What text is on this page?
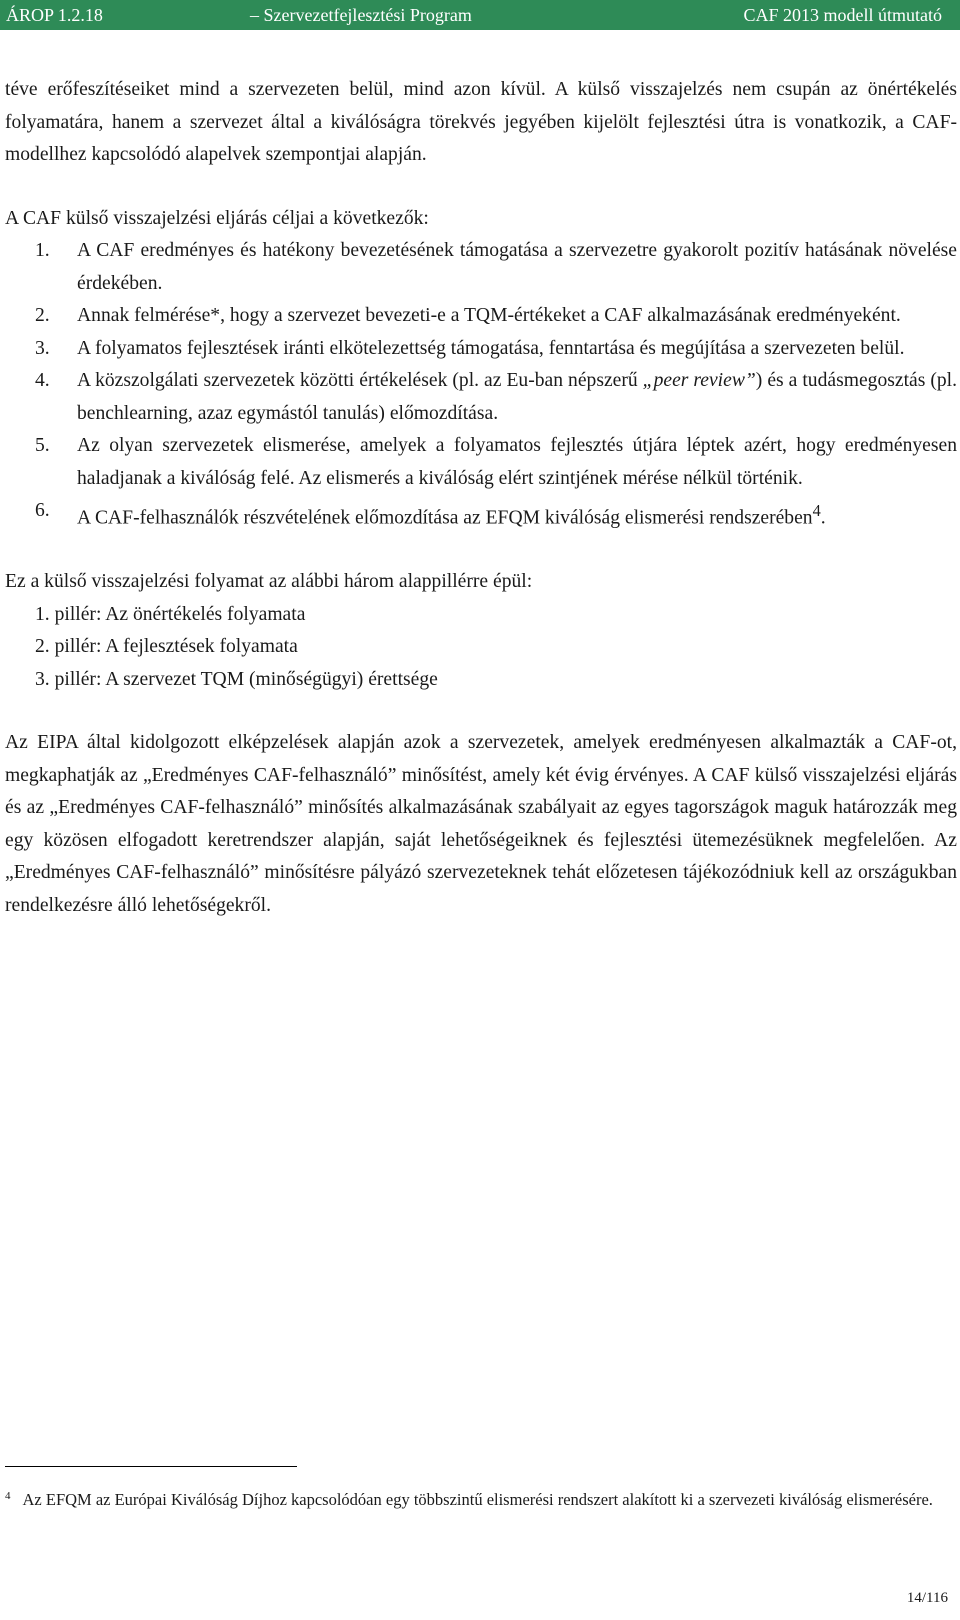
ÁROP 1.2.18	– Szervezetfejlesztési Program	CAF 2013 modell útmutató

téve erőfeszítéseiket mind a szervezeten belül, mind azon kívül. A külső visszajelzés nem csupán az önértékelés folyamatára, hanem a szervezet által a kiválóságra törekvés jegyében kijelölt fejlesztési útra is vonatkozik, a CAF-modellhez kapcsolódó alapelvek szempontjai alapján.

A CAF külső visszajelzési eljárás céljai a következők:

1. A CAF eredményes és hatékony bevezetésének támogatása a szervezetre gyakorolt pozitív hatásának növelése érdekében.
2. Annak felmérése*, hogy a szervezet bevezeti-e a TQM-értékeket a CAF alkalmazásának eredményeként.
3. A folyamatos fejlesztések iránti elkötelezettség támogatása, fenntartása és megújítása a szervezeten belül.
4. A közszolgálati szervezetek közötti értékelések (pl. az Eu-ban népszerű „peer review”) és a tudásmegosztás (pl. benchlearning, azaz egymástól tanulás) előmozdítása.
5. Az olyan szervezetek elismerése, amelyek a folyamatos fejlesztés útjára léptek azért, hogy eredményesen haladjanak a kiválóság felé. Az elismerés a kiválóság elért szintjének mérése nélkül történik.
6. A CAF-felhasználók részvételének előmozdítása az EFQM kiválóság elismerési rendszerében$^4$.

Ez a külső visszajelzési folyamat az alábbi három alappillérre épül:

1. pillér: Az önértékelés folyamata
2. pillér: A fejlesztések folyamata
3. pillér: A szervezet TQM (minőségügyi) érettsége

Az EIPA által kidolgozott elképzelések alapján azok a szervezetek, amelyek eredményesen alkalmazták a CAF-ot, megkaphatják az „Eredményes CAF-felhasználó” minősítést, amely két évig érvényes. A CAF külső visszajelzési eljárás és az „Eredményes CAF-felhasználó” minősítés alkalmazásának szabályait az egyes tagországok maguk határozzák meg egy közösen elfogadott keretrendszer alapján, saját lehetőségeiknek és fejlesztési ütemezésüknek megfelelően. Az „Eredményes CAF-felhasználó” minősítésre pályázó szervezeteknek tehát előzetesen tájékozódniuk kell az országukban rendelkezésre álló lehetőségekről.

$^4$ Az EFQM az Európai Kiválóság Díjhoz kapcsolódóan egy többszintű elismerési rendszert alakított ki a szervezeti kiválóság elismerésére.
14/116
